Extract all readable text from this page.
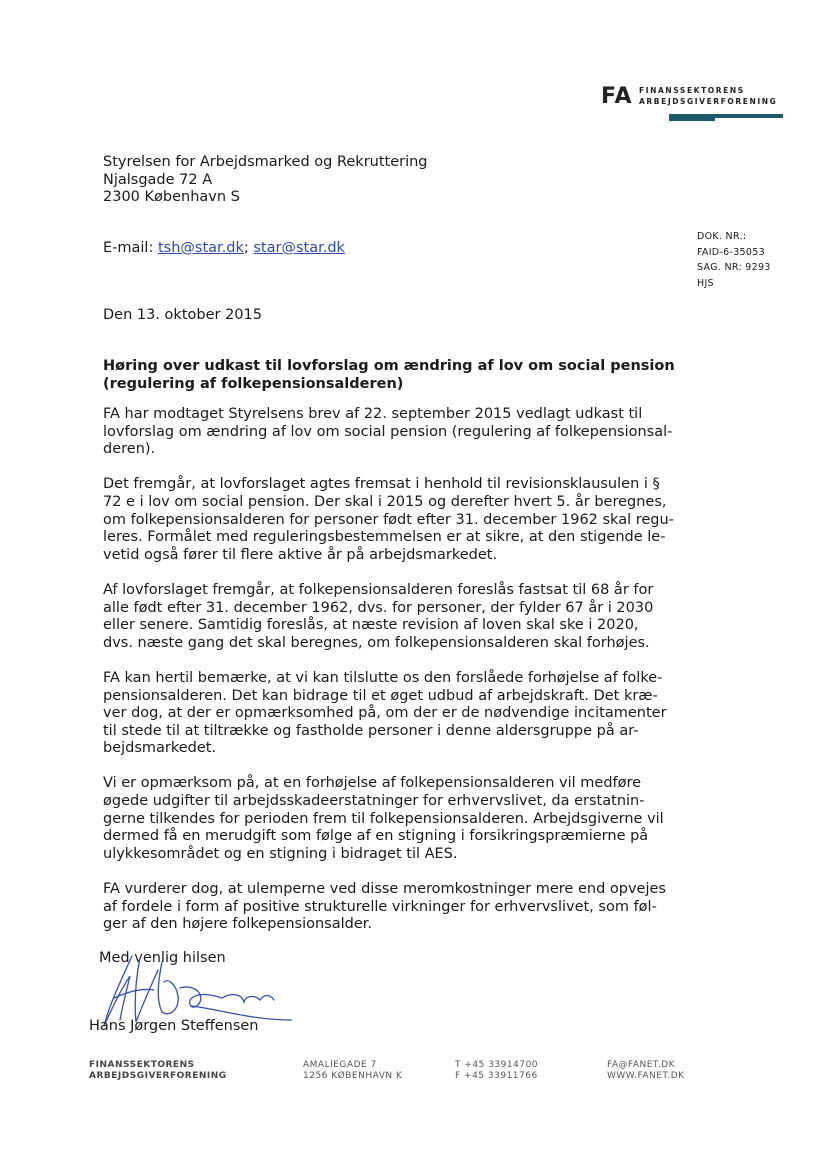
FA FINANSSEKTORENS
ARBEJDSGIVERFORENING
Styrelsen for Arbejdsmarked og Rekruttering
Njalsgade 72 A
2300 København S
E-mail: tsh@star.dk; star@star.dk
DOK. NR.:
FAID-6-35053
SAG. NR: 9293
HJS
Den 13. oktober 2015
Høring over udkast til lovforslag om ændring af lov om social pension
(regulering af folkepensionsalderen)
FA har modtaget Styrelsens brev af 22. september 2015 vedlagt udkast til
lovforslag om ændring af lov om social pension (regulering af folkepensionsal-
deren).
Det fremgår, at lovforslaget agtes fremsat i henhold til revisionsklausulen i §
72 e i lov om social pension. Der skal i 2015 og derefter hvert 5. år beregnes,
om folkepensionsalderen for personer født efter 31. december 1962 skal regu-
leres. Formålet med reguleringsbestemmelsen er at sikre, at den stigende le-
vetid også fører til flere aktive år på arbejdsmarkedet.
Af lovforslaget fremgår, at folkepensionsalderen foreslås fastsat til 68 år for
alle født efter 31. december 1962, dvs. for personer, der fylder 67 år i 2030
eller senere. Samtidig foreslås, at næste revision af loven skal ske i 2020,
dvs. næste gang det skal beregnes, om folkepensionsalderen skal forhøjes.
FA kan hertil bemærke, at vi kan tilslutte os den forslåede forhøjelse af folke-
pensionsalderen. Det kan bidrage til et øget udbud af arbejdskraft. Det kræ-
ver dog, at der er opmærksomhed på, om der er de nødvendige incitamenter
til stede til at tiltrække og fastholde personer i denne aldersgruppe på ar-
bejdsmarkedet.
Vi er opmærksom på, at en forhøjelse af folkepensionsalderen vil medføre
øgede udgifter til arbejdsskadeerstatninger for erhvervslivet, da erstatnin-
gerne tilkendes for perioden frem til folkepensionsalderen. Arbejdsgiverne vil
dermed få en merudgift som følge af en stigning i forsikringspræmierne på
ulykkesområdet og en stigning i bidraget til AES.
FA vurderer dog, at ulemperne ved disse meromkostninger mere end opvejes
af fordele i form af positive strukturelle virkninger for erhvervslivet, som føl-
ger af den højere folkepensionsalder.
Med venlig hilsen
Hans Jørgen Steffensen
FINANSSEKTORENS
ARBEJDSGIVERFORENING
AMALIEGADE 7
1256 KØBENHAVN K
T +45 33914700
F +45 33911766
FA@FANET.DK
WWW.FANET.DK
